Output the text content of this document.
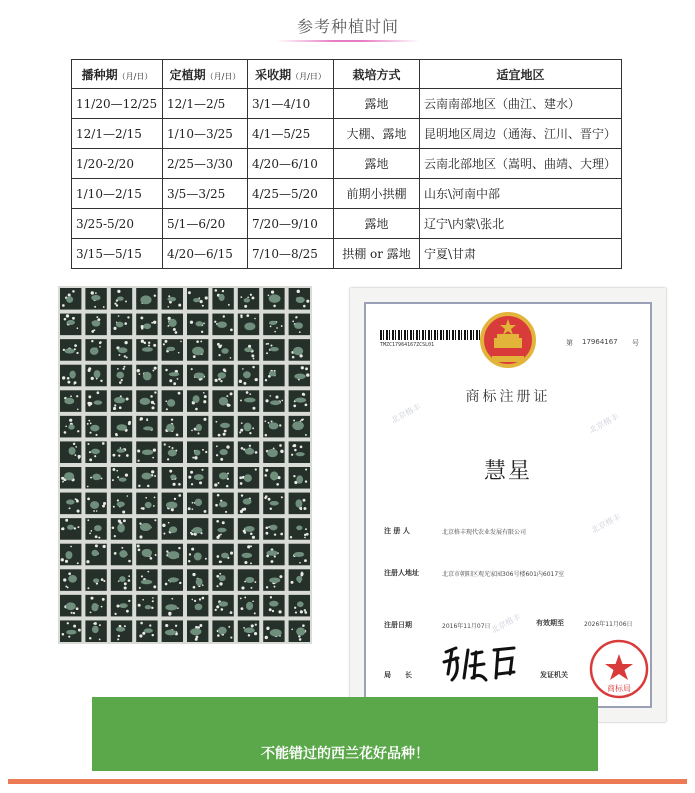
参考种植时间
播种期（月/日）	定植期（月/日）	采收期（月/日）	栽培方式	适宜地区
11/20—12/25	12/1—2/5	3/1—4/10	露地	云南南部地区（曲江、建水）
12/1—2/15	1/10—3/25	4/1—5/25	大棚、露地	昆明地区周边（通海、江川、晋宁）
1/20-2/20	2/25—3/30	4/20—6/10	露地	云南北部地区（嵩明、曲靖、大理）
1/10—2/15	3/5—3/25	4/25—5/20	前期小拱棚	山东\河南中部
3/25-5/20	5/1—6/20	7/20—9/10	露地	辽宁\内蒙\张北
3/15—5/15	4/20—6/15	7/10—8/25	拱棚 or 露地	宁夏\甘肃
北京格丰	北京格丰
北京格丰
北京格丰
TMZC17964167ZCSL01	第 17964167 号
商标注册证
慧星
注 册 人	北京格丰现代农业发展有限公司
注册人地址	北京市朝阳区观光家园306号楼601内6017室
注册日期	2016年11月07日	有效期至	2026年11月06日
局　　长	发证机关
商标局
不能错过的西兰花好品种！
